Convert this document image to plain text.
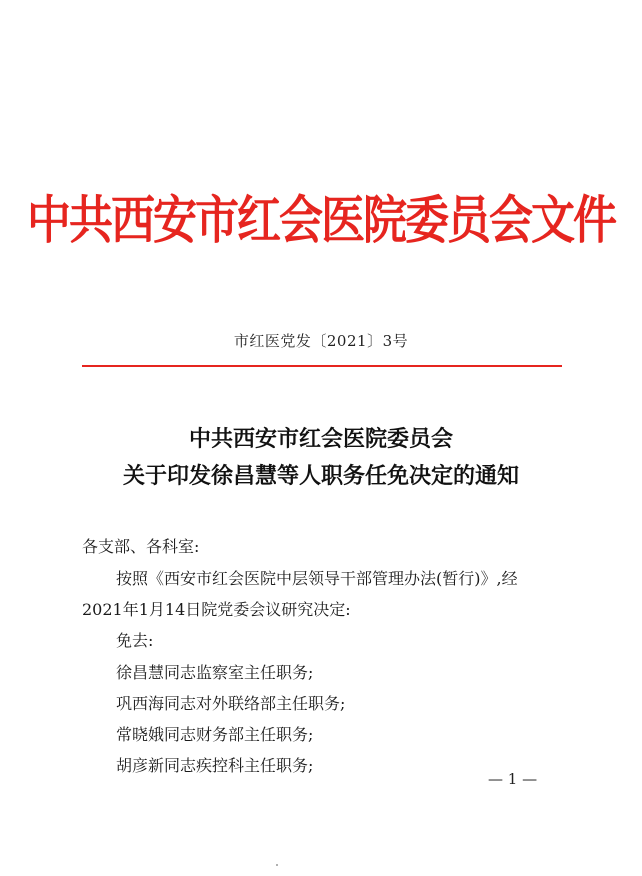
中共西安市红会医院委员会文件
市红医党发〔2021〕3号
中共西安市红会医院委员会
关于印发徐昌慧等人职务任免决定的通知
各支部、各科室:
按照《西安市红会医院中层领导干部管理办法(暂行)》,经
2021年1月14日院党委会议研究决定:
免去:
徐昌慧同志监察室主任职务;
巩西海同志对外联络部主任职务;
常晓娥同志财务部主任职务;
胡彦新同志疾控科主任职务;
— 1 —
